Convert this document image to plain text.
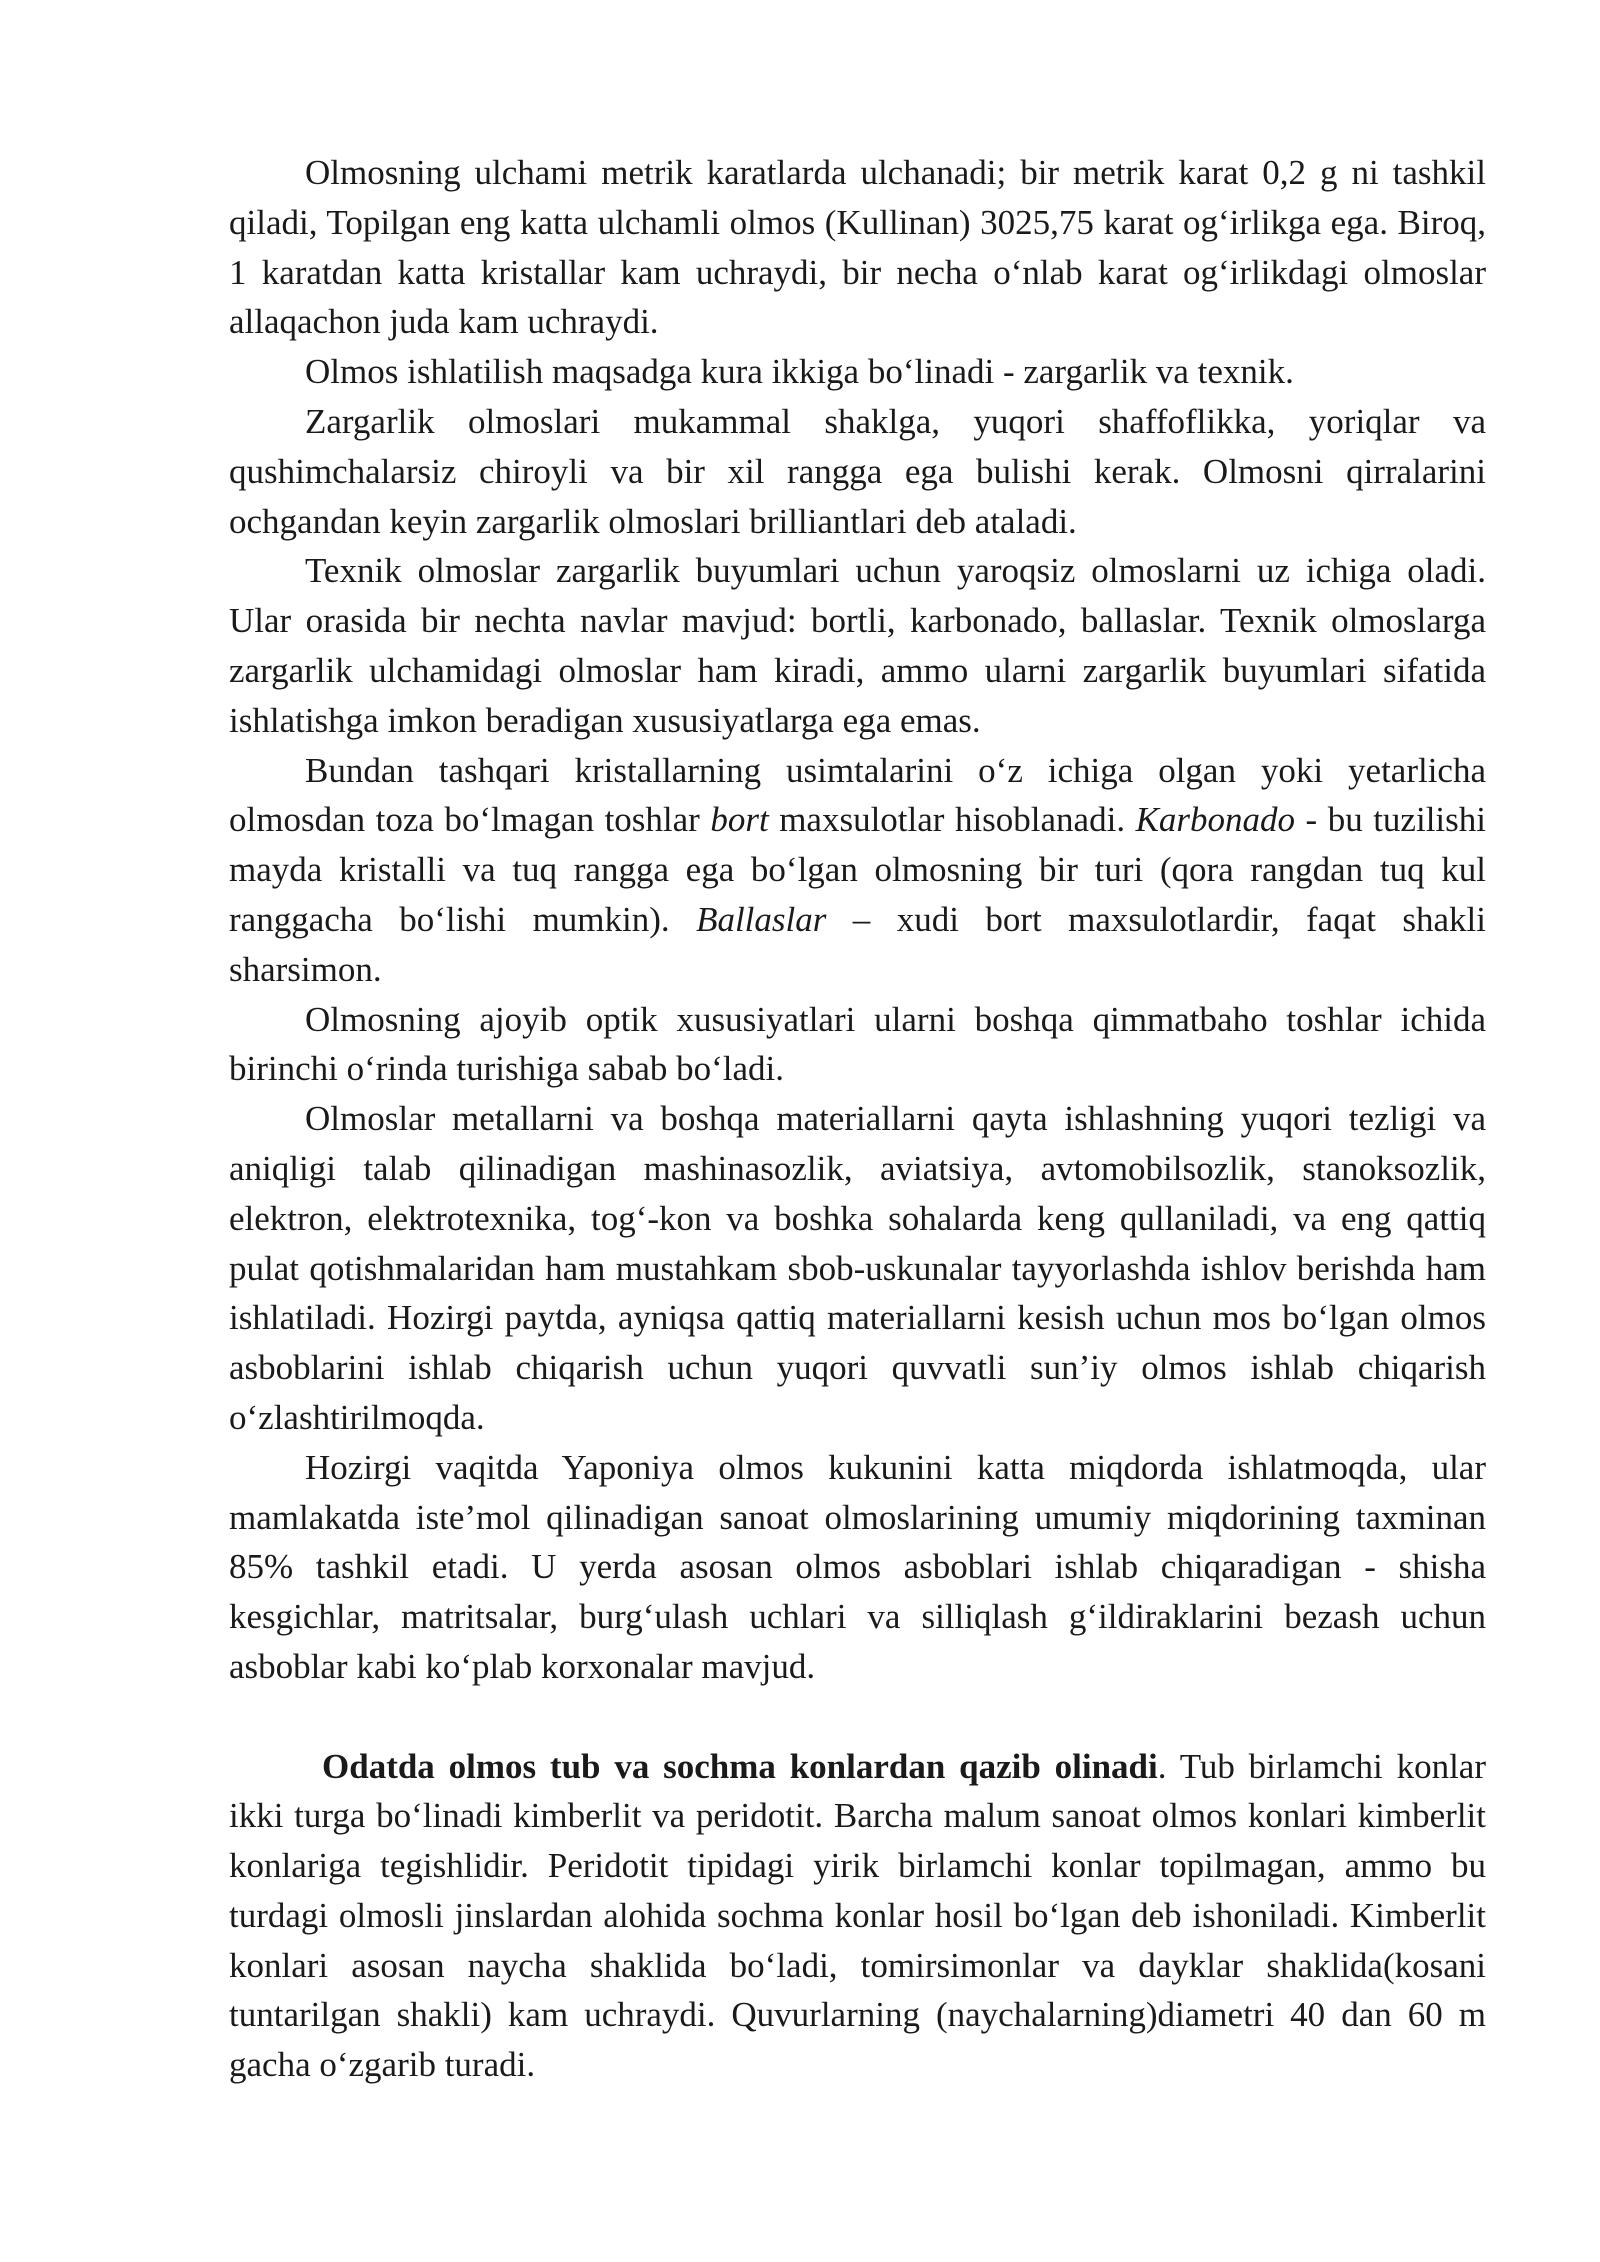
Olmosning ulchami metrik karatlarda ulchanadi; bir metrik karat 0,2 g ni tashkil qiladi, Topilgan eng katta ulchamli olmos (Kullinan) 3025,75 karat og‘irlikga ega. Biroq, 1 karatdan katta kristallar kam uchraydi, bir necha o‘nlab karat og‘irlikdagi olmoslar allaqachon juda kam uchraydi.

Olmos ishlatilish maqsadga kura ikkiga bo‘linadi - zargarlik va texnik.

Zargarlik olmoslari mukammal shaklga, yuqori shaffoflikka, yoriqlar va qushimchalarsiz chiroyli va bir xil rangga ega bulishi kerak. Olmosni qirralarini ochgandan keyin zargarlik olmoslari brilliantlari deb ataladi.

Texnik olmoslar zargarlik buyumlari uchun yaroqsiz olmoslarni uz ichiga oladi. Ular orasida bir nechta navlar mavjud: bortli, karbonado, ballaslar. Texnik olmoslarga zargarlik ulchamidagi olmoslar ham kiradi, ammo ularni zargarlik buyumlari sifatida ishlatishga imkon beradigan xususiyatlarga ega emas.

Bundan tashqari kristallarning usimtalarini o‘z ichiga olgan yoki yetarlicha olmosdan toza bo‘lmagan toshlar bort maxsulotlar hisoblanadi. Karbonado - bu tuzilishi mayda kristalli va tuq rangga ega bo‘lgan olmosning bir turi (qora rangdan tuq kul ranggacha bo‘lishi mumkin). Ballaslar – xudi bort maxsulotlardir, faqat shakli sharsimon.

Olmosning ajoyib optik xususiyatlari ularni boshqa qimmatbaho toshlar ichida birinchi o‘rinda turishiga sabab bo‘ladi.

Olmoslar metallarni va boshqa materiallarni qayta ishlashning yuqori tezligi va aniqligi talab qilinadigan mashinasozlik, aviatsiya, avtomobilsozlik, stanoksozlik, elektron, elektrotexnika, tog‘-kon va boshka sohalarda keng qullaniladi, va eng qattiq pulat qotishmalaridan ham mustahkam sbob-uskunalar tayyorlashda ishlov berishda ham ishlatiladi. Hozirgi paytda, ayniqsa qattiq materiallarni kesish uchun mos bo‘lgan olmos asboblarini ishlab chiqarish uchun yuqori quvvatli sun’iy olmos ishlab chiqarish o‘zlashtirilmoqda.

Hozirgi vaqitda Yaponiya olmos kukunini katta miqdorda ishlatmoqda, ular mamlakatda iste’mol qilinadigan sanoat olmoslarining umumiy miqdorining taxminan 85% tashkil etadi. U yerda asosan olmos asboblari ishlab chiqaradigan - shisha kesgichlar, matritsalar, burg‘ulash uchlari va silliqlash g‘ildiraklarini bezash uchun asboblar kabi ko‘plab korxonalar mavjud.

Odatda olmos tub va sochma konlardan qazib olinadi. Tub birlamchi konlar ikki turga bo‘linadi kimberlit va peridotit. Barcha malum sanoat olmos konlari kimberlit konlariga tegishlidir. Peridotit tipidagi yirik birlamchi konlar topilmagan, ammo bu turdagi olmosli jinslardan alohida sochma konlar hosil bo‘lgan deb ishoniladi. Kimberlit konlari asosan naycha shaklida bo‘ladi, tomirsimonlar va dayklar shaklida(kosani tuntarilgan shakli) kam uchraydi. Quvurlarning (naychalarning)diametri 40 dan 60 m gacha o‘zgarib turadi.
